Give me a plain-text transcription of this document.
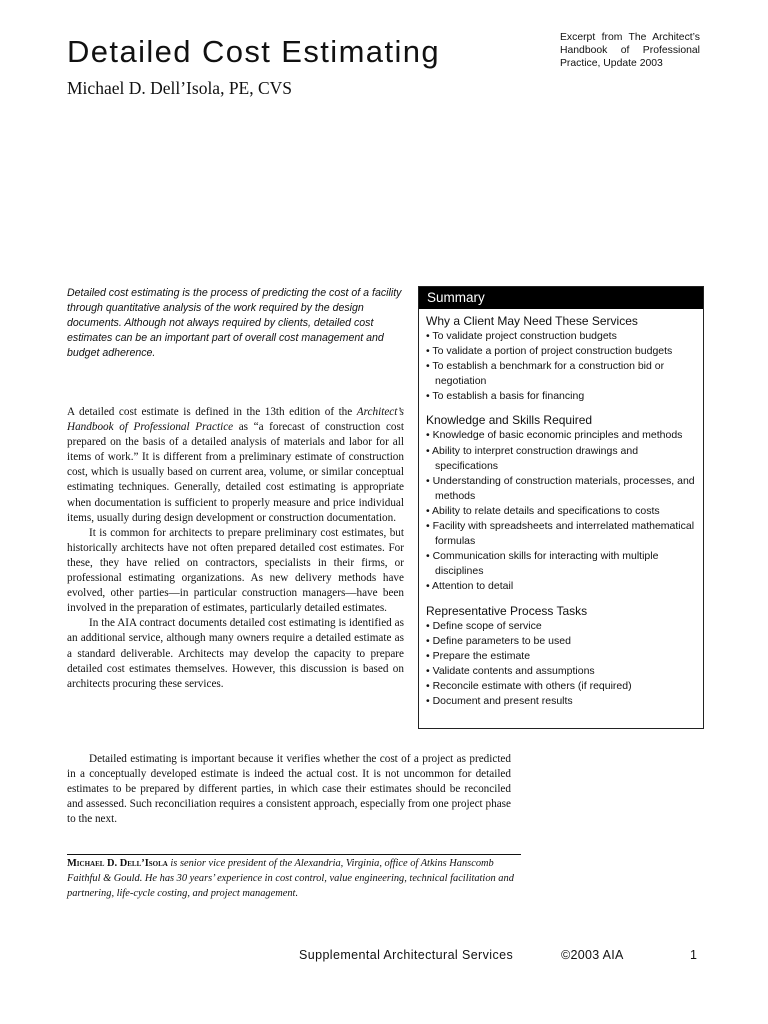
Excerpt from The Architect’s Handbook of Professional Practice, Update 2003
Detailed Cost Estimating
Michael D. Dell’Isola, PE, CVS
Detailed cost estimating is the process of predicting the cost of a facility through quantitative analysis of the work required by the design documents. Although not always required by clients, detailed cost estimates can be an important part of overall cost management and budget adherence.

A detailed cost estimate is defined in the 13th edition of the Architect’s Handbook of Professional Practice as “a forecast of construction cost prepared on the basis of a detailed analysis of materials and labor for all items of work.” It is different from a preliminary estimate of construction cost, which is usually based on current area, volume, or similar conceptual estimating techniques. Generally, detailed cost estimating is appropriate when documentation is sufficient to properly measure and price individual items, usually during design development or construction documentation.

It is common for architects to prepare preliminary cost estimates, but historically architects have not often prepared detailed cost estimates. For these, they have relied on contractors, specialists in their firms, or professional estimating organizations. As new delivery methods have evolved, other parties—in particular construction managers—have been involved in the preparation of estimates, particularly detailed estimates.

In the AIA contract documents detailed cost estimating is identified as an additional service, although many owners require a detailed estimate as a standard deliverable. Architects may develop the capacity to prepare detailed cost estimates themselves. However, this discussion is based on architects procuring these services.

Detailed estimating is important because it verifies whether the cost of a project as predicted in a conceptually developed estimate is indeed the actual cost. It is not uncommon for detailed estimates to be prepared by different parties, in which case their estimates should be reconciled and assessed. Such reconciliation requires a consistent approach, especially from one project phase to the next.

Summary
Why a Client May Need These Services
• To validate project construction budgets
• To validate a portion of project construction budgets
• To establish a benchmark for a construction bid or negotiation
• To establish a basis for financing
Knowledge and Skills Required
• Knowledge of basic economic principles and methods
• Ability to interpret construction drawings and specifications
• Understanding of construction materials, processes, and methods
• Ability to relate details and specifications to costs
• Facility with spreadsheets and interrelated mathematical formulas
• Communication skills for interacting with multiple disciplines
• Attention to detail
Representative Process Tasks
• Define scope of service
• Define parameters to be used
• Prepare the estimate
• Validate contents and assumptions
• Reconcile estimate with others (if required)
• Document and present results
Michael D. Dell’Isola is senior vice president of the Alexandria, Virginia, office of Atkins Hanscomb Faithful & Gould. He has 30 years’ experience in cost control, value engineering, technical facilitation and partnering, life-cycle costing, and project management.
Supplemental Architectural Services	©2003 AIA	1
